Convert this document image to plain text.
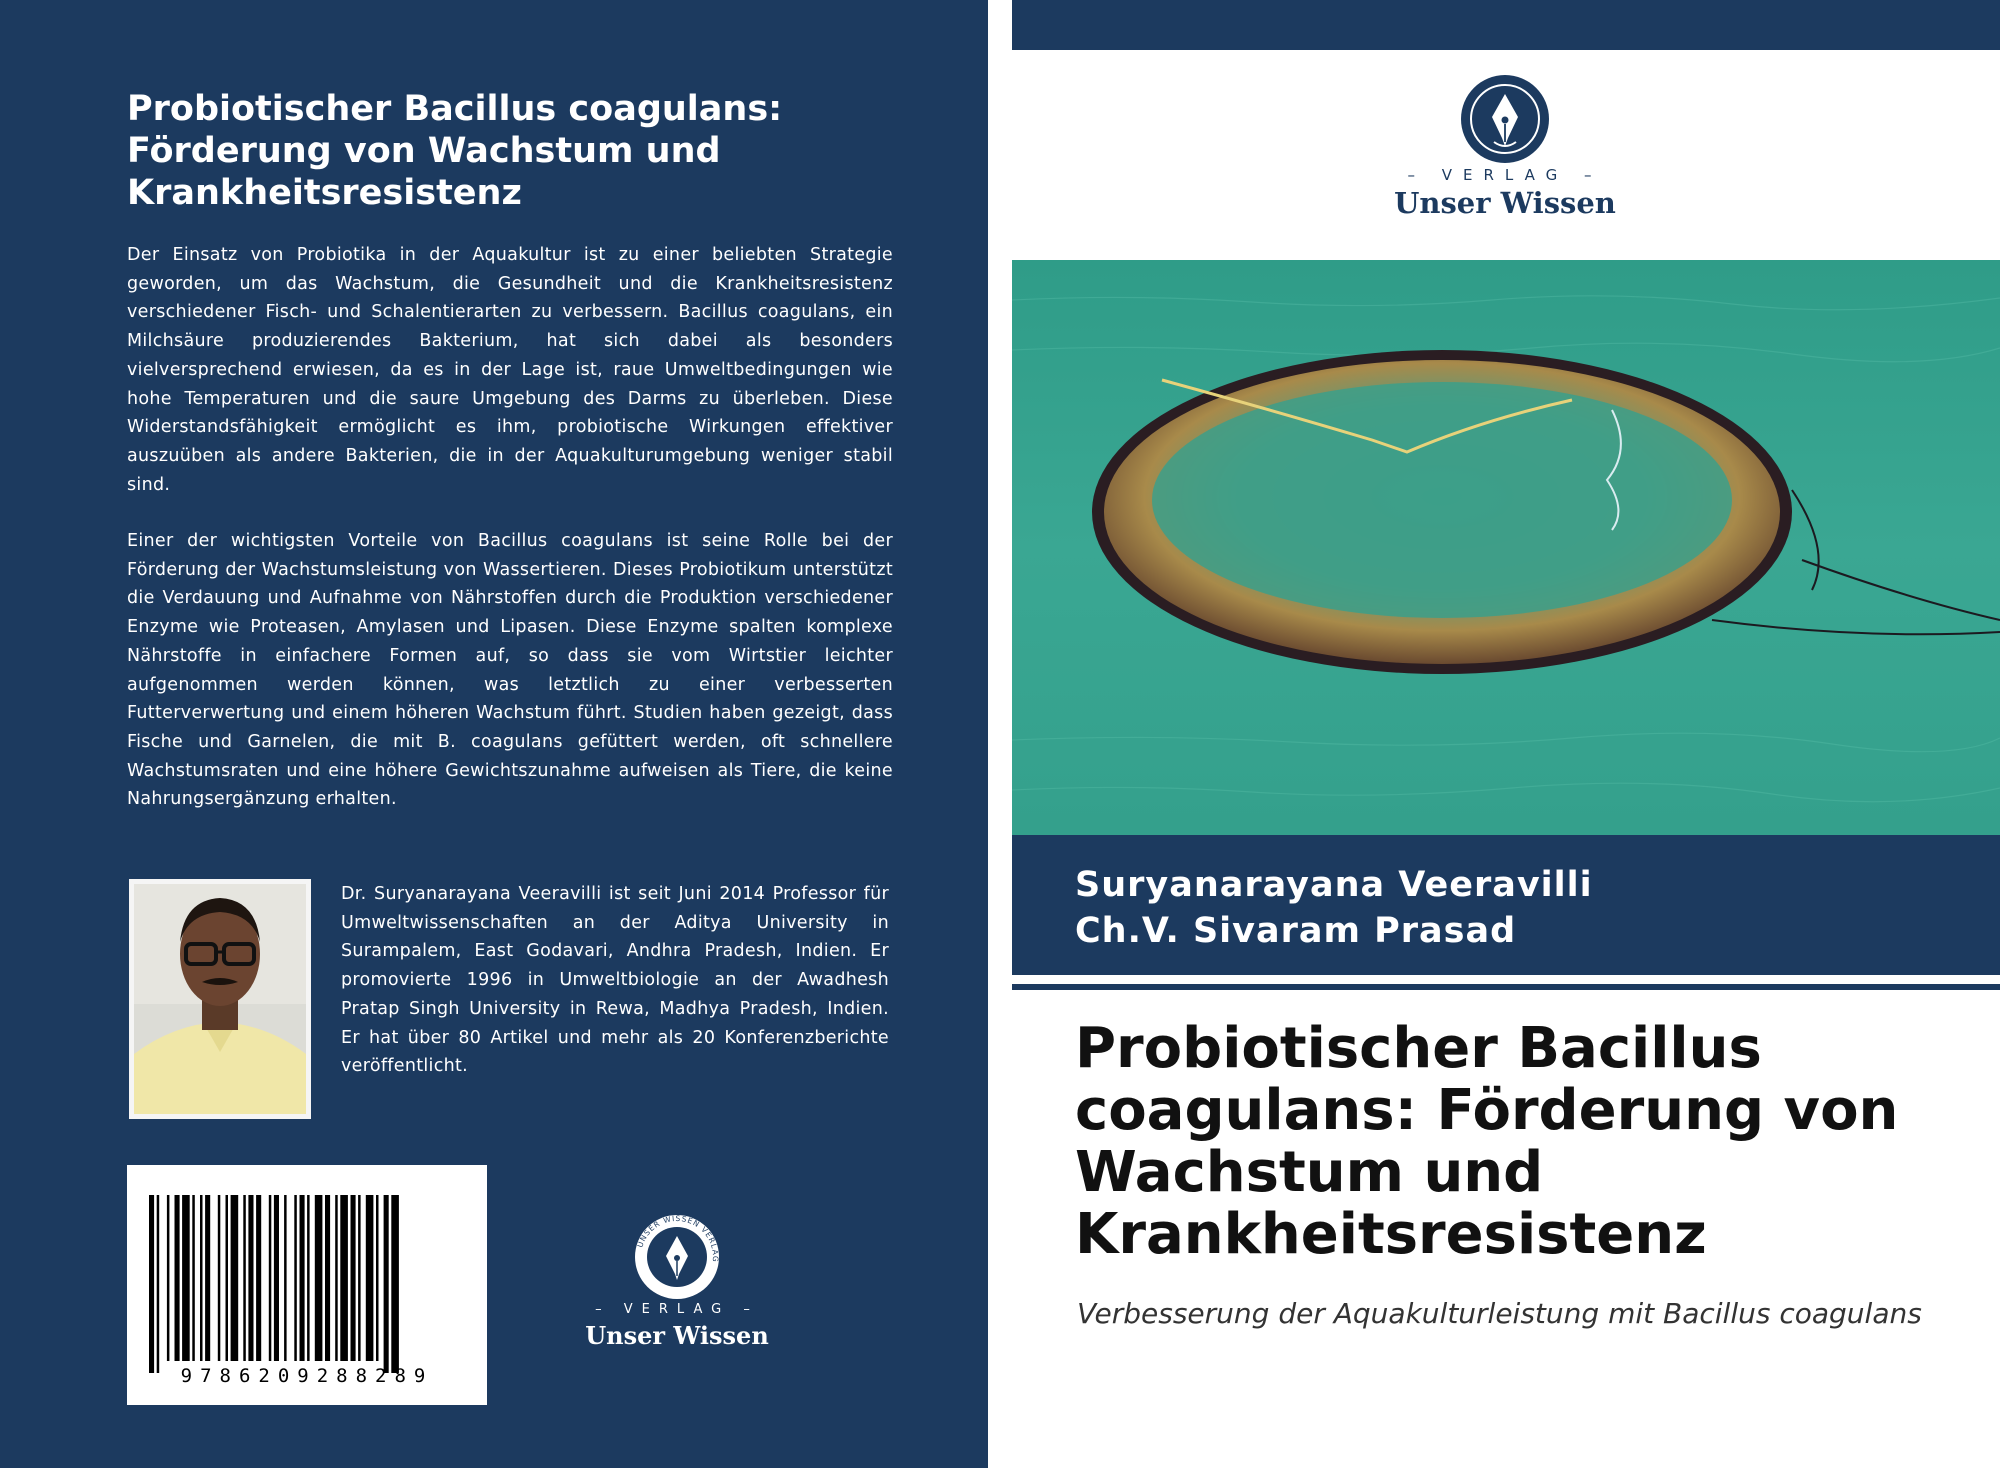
Probiotischer Bacillus coagulans: Förderung von Wachstum und Krankheitsresistenz

Der Einsatz von Probiotika in der Aquakultur ist zu einer beliebten Strategie geworden, um das Wachstum, die Gesundheit und die Krankheitsresistenz verschiedener Fisch- und Schalentierarten zu verbessern. Bacillus coagulans, ein Milchsäure produzierendes Bakterium, hat sich dabei als besonders vielversprechend erwiesen, da es in der Lage ist, raue Umweltbedingungen wie hohe Temperaturen und die saure Umgebung des Darms zu überleben. Diese Widerstandsfähigkeit ermöglicht es ihm, probiotische Wirkungen effektiver auszuüben als andere Bakterien, die in der Aquakulturumgebung weniger stabil sind.

Einer der wichtigsten Vorteile von Bacillus coagulans ist seine Rolle bei der Förderung der Wachstumsleistung von Wassertieren. Dieses Probiotikum unterstützt die Verdauung und Aufnahme von Nährstoffen durch die Produktion verschiedener Enzyme wie Proteasen, Amylasen und Lipasen. Diese Enzyme spalten komplexe Nährstoffe in einfachere Formen auf, so dass sie vom Wirtstier leichter aufgenommen werden können, was letztlich zu einer verbesserten Futterverwertung und einem höheren Wachstum führt. Studien haben gezeigt, dass Fische und Garnelen, die mit B. coagulans gefüttert werden, oft schnellere Wachstumsraten und eine höhere Gewichtszunahme aufweisen als Tiere, die keine Nahrungsergänzung erhalten.

Dr. Suryanarayana Veeravilli ist seit Juni 2014 Professor für Umweltwissenschaften an der Aditya University in Surampalem, East Godavari, Andhra Pradesh, Indien. Er promovierte 1996 in Umweltbiologie an der Awadhesh Pratap Singh University in Rewa, Madhya Pradesh, Indien. Er hat über 80 Artikel und mehr als 20 Konferenzberichte veröffentlicht.

9786209288289
UNSER WISSEN VERLAG
– VERLAG –
Unser Wissen
– VERLAG –
Unser Wissen

Suryanarayana Veeravilli

Ch.V. Sivaram Prasad

Probiotischer Bacillus coagulans: Förderung von Wachstum und Krankheitsresistenz

Verbesserung der Aquakulturleistung mit Bacillus coagulans
